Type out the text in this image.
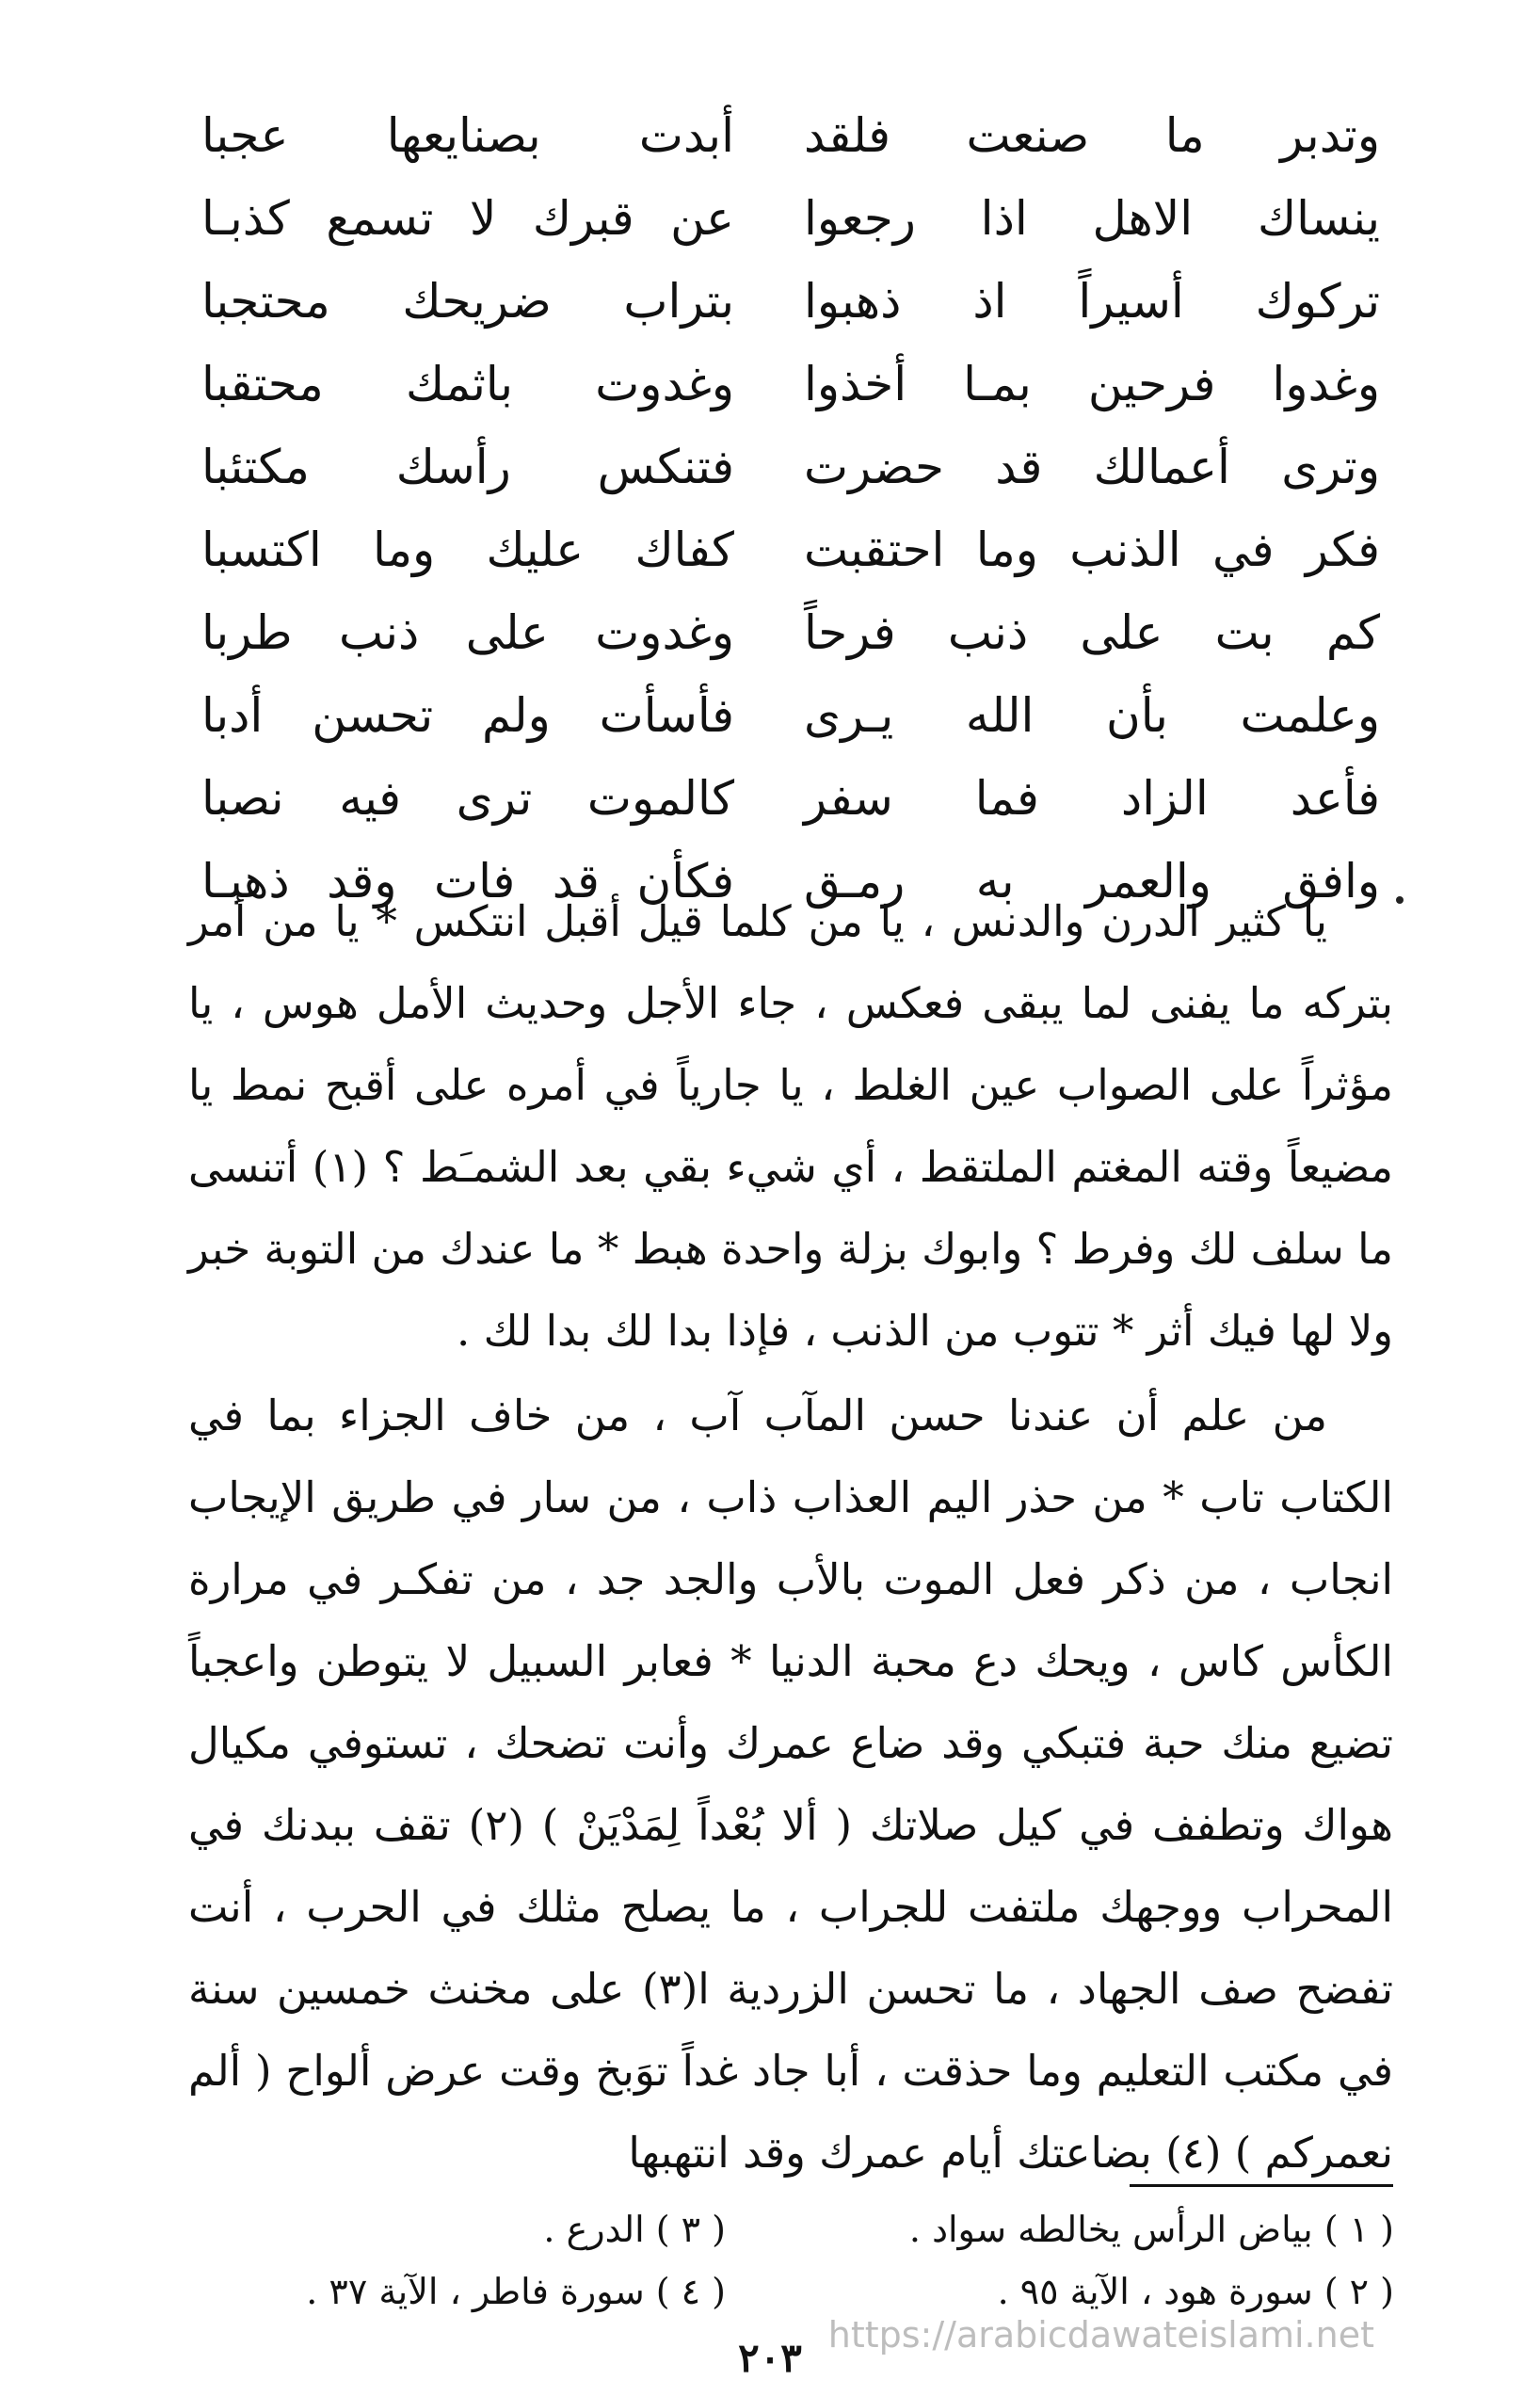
وتدبر ما صنعت فلقد
أبدت بصنايعها عجبا
ينساك الاهل اذا رجعوا
عن قبرك لا تسمع كذبـا
تركوك أسيراً اذ ذهبوا
بتراب ضريحك محتجبا
وغدوا فرحين بمـا أخذوا
وغدوت باثمك محتقبا
وترى أعمالك قد حضرت
فتنكس رأسك مكتئبا
فكر في الذنب وما احتقبت
كفاك عليك وما اكتسبا
كم بت على ذنب فرحاً
وغدوت على ذنب طربا
وعلمت بأن الله يـرى
فأسأت ولم تحسن أدبا
فأعد الزاد فما سفر
كالموت ترى فيه نصبا
وافق والعمر به رمـق
فكأن قد فات وقد ذهبـا

يا كثير الدرن والدنس ، يا من كلما قيل أقبل انتكس * يا من أمر بتركه ما يفنى لما يبقى فعكس ، جاء الأجل وحديث الأمل هوس ، يا مؤثراً على الصواب عين الغلط ، يا جارياً في أمره على أقبح نمط يا مضيعاً وقته المغتم الملتقط ، أي شيء بقي بعد الشمـَط ؟ (١) أتنسى ما سلف لك وفرط ؟ وابوك بزلة واحدة هبط * ما عندك من التوبة خبر ولا لها فيك أثر * تتوب من الذنب ، فإذا بدا لك بدا لك .

من علم أن عندنا حسن المآب آب ، من خاف الجزاء بما في الكتاب تاب * من حذر اليم العذاب ذاب ، من سار في طريق الإيجاب انجاب ، من ذكر فعل الموت بالأب والجد جد ، من تفكـر في مرارة الكأس كاس ، ويحك دع محبة الدنيا * فعابر السبيل لا يتوطن واعجباً تضيع منك حبة فتبكي وقد ضاع عمرك وأنت تضحك ، تستوفي مكيال هواك وتطفف في كيل صلاتك ( ألا بُعْداً لِمَدْيَنْ ) (٢) تقف ببدنك في المحراب ووجهك ملتفت للجراب ، ما يصلح مثلك في الحرب ، أنت تفضح صف الجهاد ، ما تحسن الزردية ا(٣) على مخنث خمسين سنة في مكتب التعليم وما حذقت ، أبا جاد غداً توَبخ وقت عرض ألواح ( ألم نعمركم ) (٤) بضاعتك أيام عمرك وقد انتهبها

( ١ ) بياض الرأس يخالطه سواد .
( ٣ ) الدرع .
( ٢ ) سورة هود ، الآية ٩٥ .
( ٤ ) سورة فاطر ، الآية ٣٧ .
https://arabicdawateislami.net
٢٠٣
